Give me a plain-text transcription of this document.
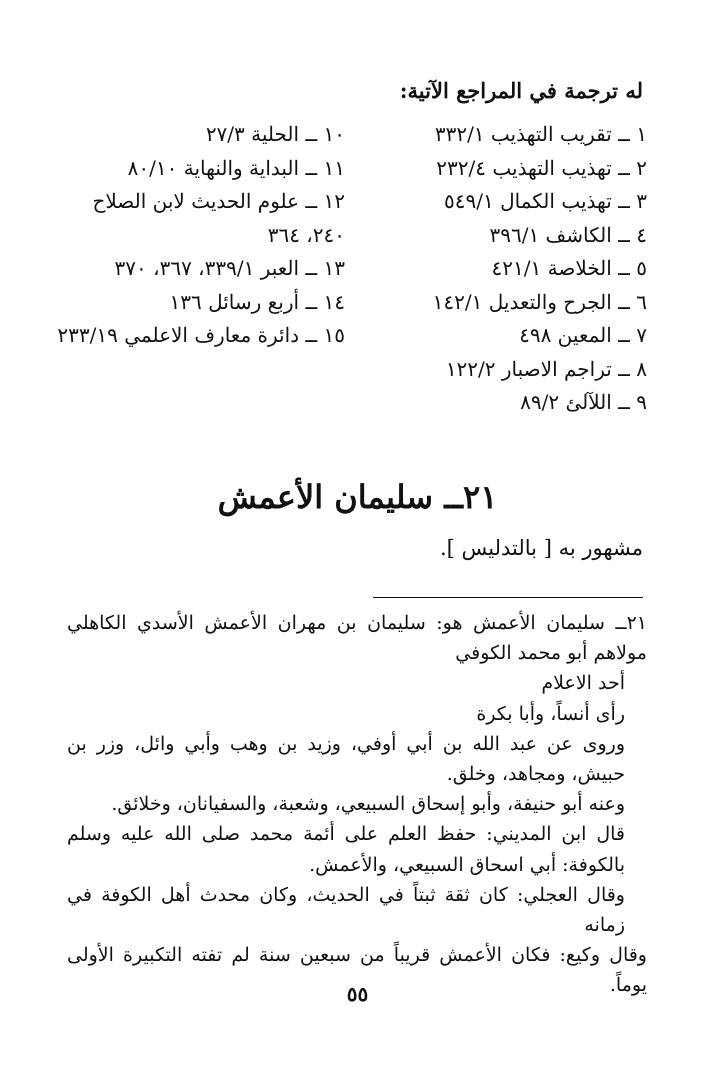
له ترجمة في المراجع الآتية:
١ ــ تقريب التهذيب ٣٣٢/١
٢ ــ تهذيب التهذيب ٢٣٢/٤
٣ ــ تهذيب الكمال ٥٤٩/١
٤ ــ الكاشف ٣٩٦/١
٥ ــ الخلاصة ٤٢١/١
٦ ــ الجرح والتعديل ١٤٢/١
٧ ــ المعين ٤٩٨
٨ ــ تراجم الاصبار ١٢٢/٢
٩ ــ اللآلئ ٨٩/٢
١٠ ــ الحلية ٢٧/٣
١١ ــ البداية والنهاية ٨٠/١٠
١٢ ــ علوم الحديث لابن الصلاح ٢٤٠، ٣٦٤
١٣ ــ العبر ٣٣٩/١، ٣٦٧، ٣٧٠
١٤ ــ أربع رسائل ١٣٦
١٥ ــ دائرة معارف الاعلمي ٢٣٣/١٩
٢١ــ سليمان الأعمش
مشهور به [ بالتدليس ].
٢١ــ سليمان الأعمش هو: سليمان بن مهران الأعمش الأسدي الكاهلي مولاهم أبو محمد الكوفي
أحد الاعلام
رأى أنساً، وأبا بكرة
وروى عن عبد الله بن أبي أوفي، وزيد بن وهب وأبي وائل، وزر بن حبيش، ومجاهد، وخلق.
وعنه أبو حنيفة، وأبو إسحاق السبيعي، وشعبة، والسفيانان، وخلائق.
قال ابن المديني: حفظ العلم على أئمة محمد صلى الله عليه وسلم بالكوفة: أبي اسحاق السبيعي، والأعمش.
وقال العجلي: كان ثقة ثبتاً في الحديث، وكان محدث أهل الكوفة في زمانه
وقال وكيع: فكان الأعمش قريباً من سبعين سنة لم تفته التكبيرة الأولى يوماً.
٥٥
